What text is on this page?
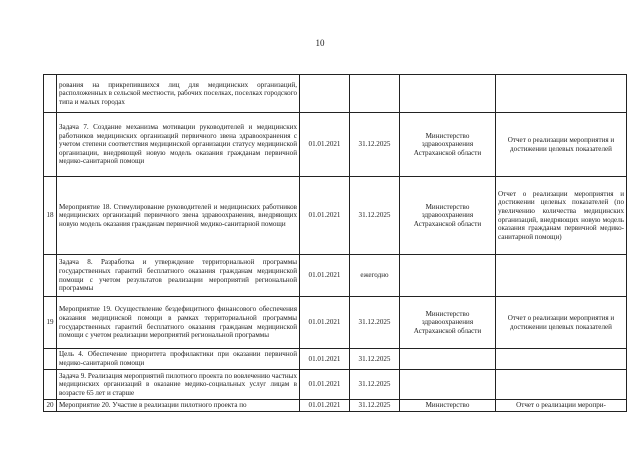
10
	рования на прикрепившихся лиц для медицинских организаций, расположенных в сельской местности, рабочих поселках, поселках городского типа и малых городах				
	Задача 7. Создание механизма мотивации руководителей и медицинских работников медицинских организаций первичного звена здравоохранения с учетом степени соответствия медицинской организации статусу медицинской организации, внедряющей новую модель оказания гражданам первичной медико-санитарной помощи	01.01.2021	31.12.2025	Министерство здравоохранения Астраханской области	Отчет о реализации мероприятия и достижении целевых показателей
18	Мероприятие 18. Стимулирование руководителей и медицинских работников медицинских организаций первичного звена здравоохранения, внедряющих новую модель оказания гражданам первичной медико-санитарной помощи	01.01.2021	31.12.2025	Министерство здравоохранения Астраханской области	Отчет о реализации мероприятия и достижении целевых показателей (по увеличению количества медицинских организаций, внедряющих новую модель оказания гражданам первичной медико-санитарной помощи)
	Задача 8. Разработка и утверждение территориальной программы государственных гарантий бесплатного оказания гражданам медицинской помощи с учетом результатов реализации мероприятий региональной программы	01.01.2021	ежегодно		
19	Мероприятие 19. Осуществление бездефицитного финансового обеспечения оказания медицинской помощи в рамках территориальной программы государственных гарантий бесплатного оказания гражданам медицинской помощи с учетом реализации мероприятий региональной программы	01.01.2021	31.12.2025	Министерство здравоохранения Астраханской области	Отчет о реализации мероприятия и достижении целевых показателей
	Цель 4. Обеспечение приоритета профилактики при оказании первичной медико-санитарной помощи	01.01.2021	31.12.2025		
	Задача 9. Реализация мероприятий пилотного проекта по вовлечению частных медицинских организаций в оказание медико-социальных услуг лицам в возрасте 65 лет и старше	01.01.2021	31.12.2025		
20	Мероприятие 20. Участие в реализации пилотного проекта по	01.01.2021	31.12.2025	Министерство	Отчет о реализации меропри-
